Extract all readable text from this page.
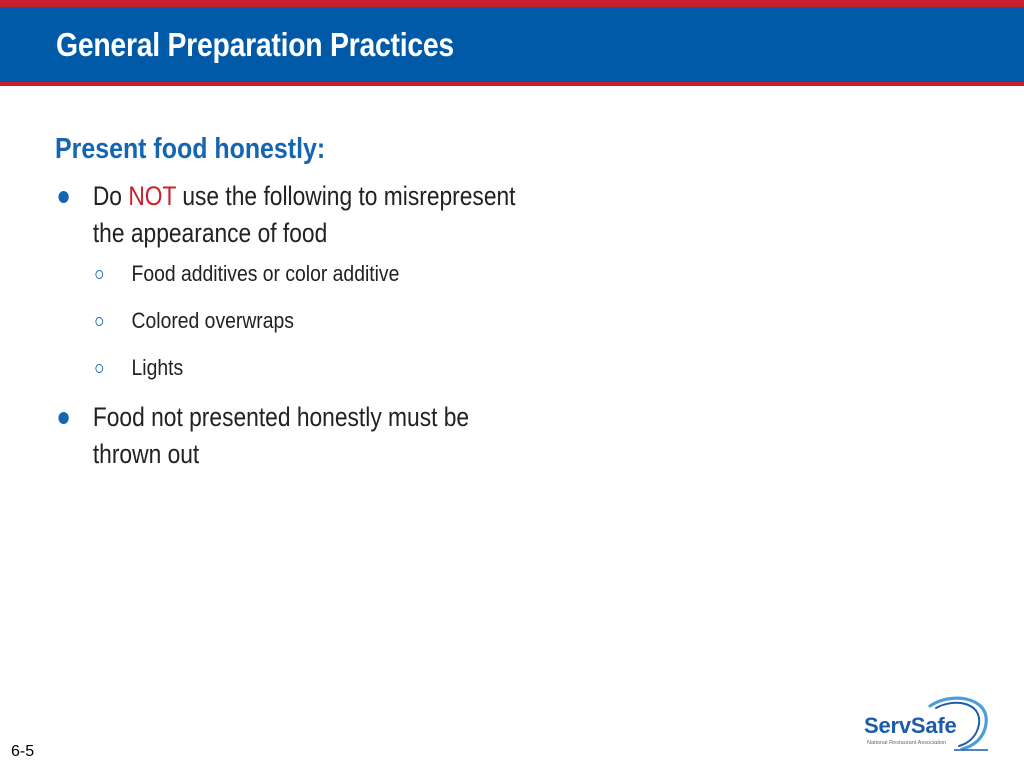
General Preparation Practices
Present food honestly:
Do NOT use the following to misrepresent
the appearance of food
Food additives or color additive
Colored overwraps
Lights
Food not presented honestly must be
thrown out
6-5
ServSafe
National Restaurant Association
